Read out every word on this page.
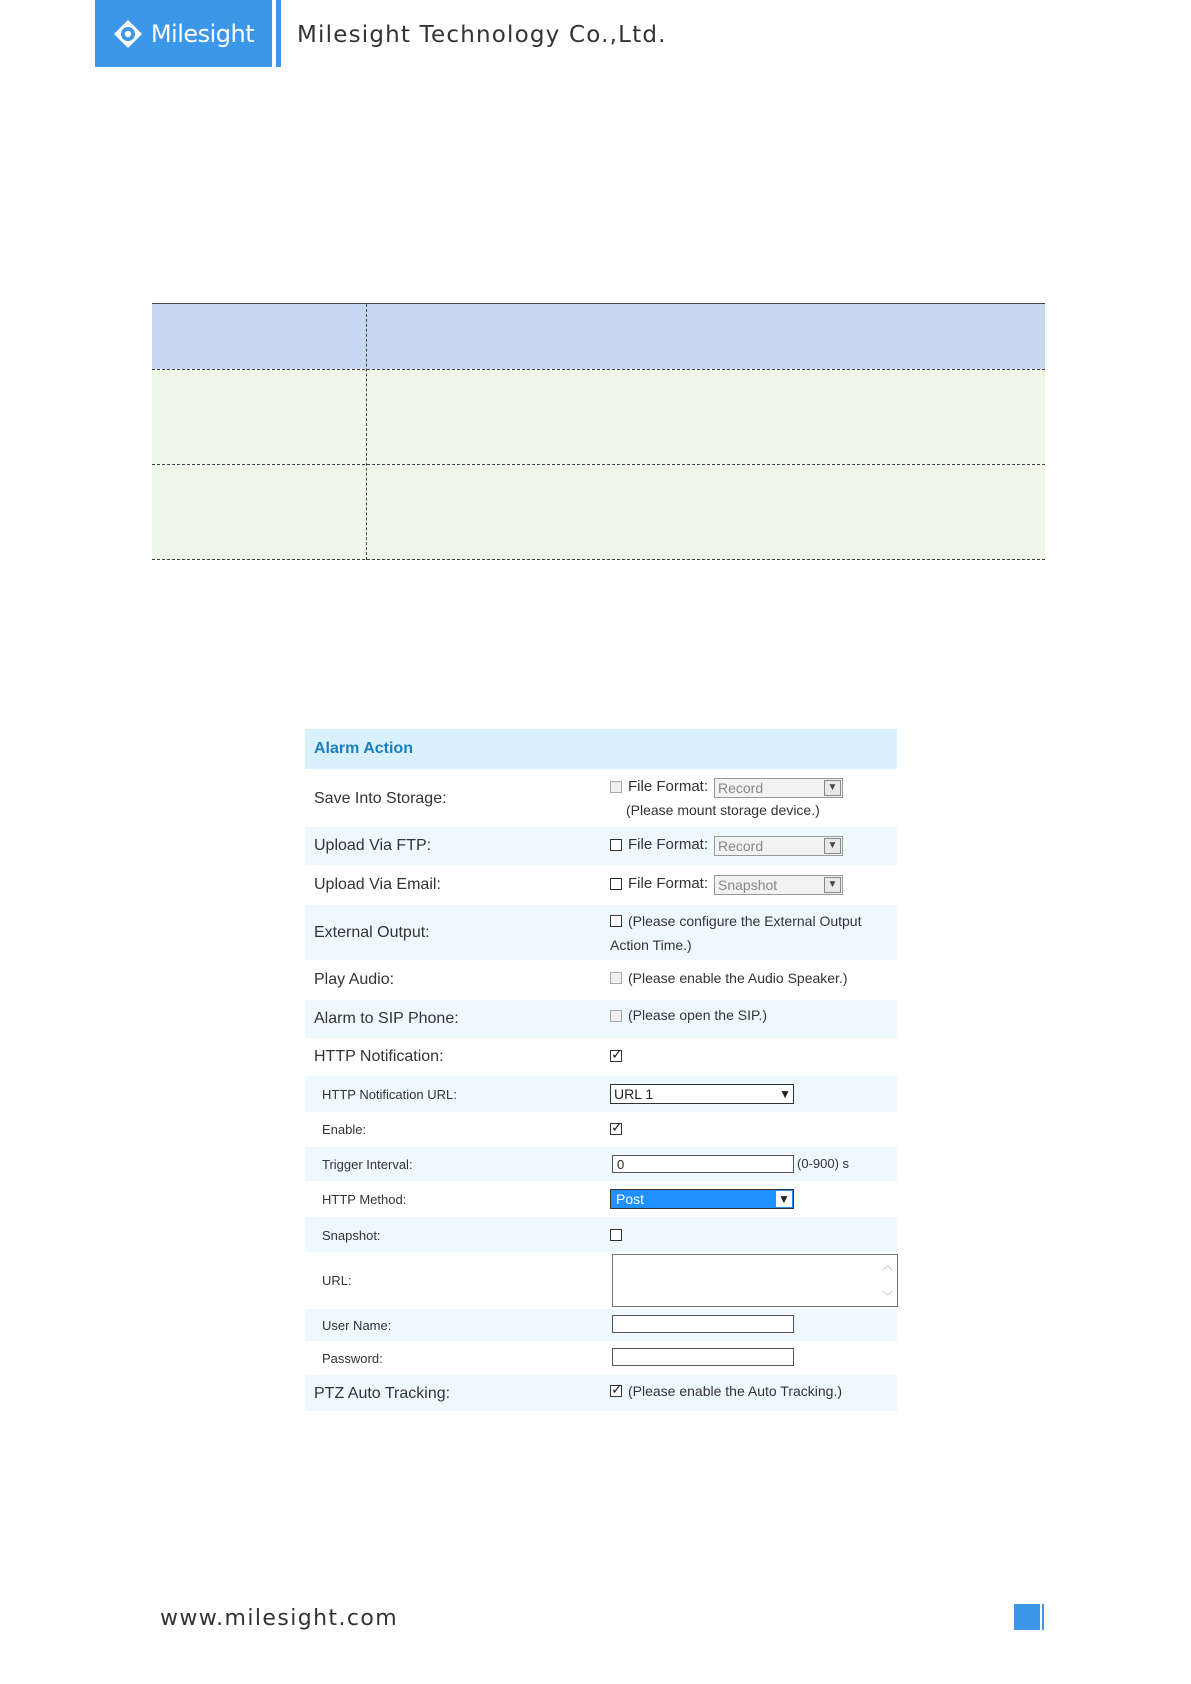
Milesight Milesight Technology Co.,Ltd.
Alarm Action
Save Into Storage:
File Format: Record	▼
(Please mount storage device.)
Upload Via FTP:	File Format: Record	▼
Upload Via Email:	File Format: Snapshot	▼
External Output:
(Please configure the External Output
Action Time.)
Play Audio:	(Please enable the Audio Speaker.)
Alarm to SIP Phone:	(Please open the SIP.)
HTTP Notification:	✓
HTTP Notification URL:	URL 1	▼
Enable:	✓
Trigger Interval:
0	(0-900) s
HTTP Method:	Post	▼
Snapshot:
URL:
︿
﹀
User Name:
Password:
PTZ Auto Tracking:	✓ (Please enable the Auto Tracking.)
www.milesight.com
